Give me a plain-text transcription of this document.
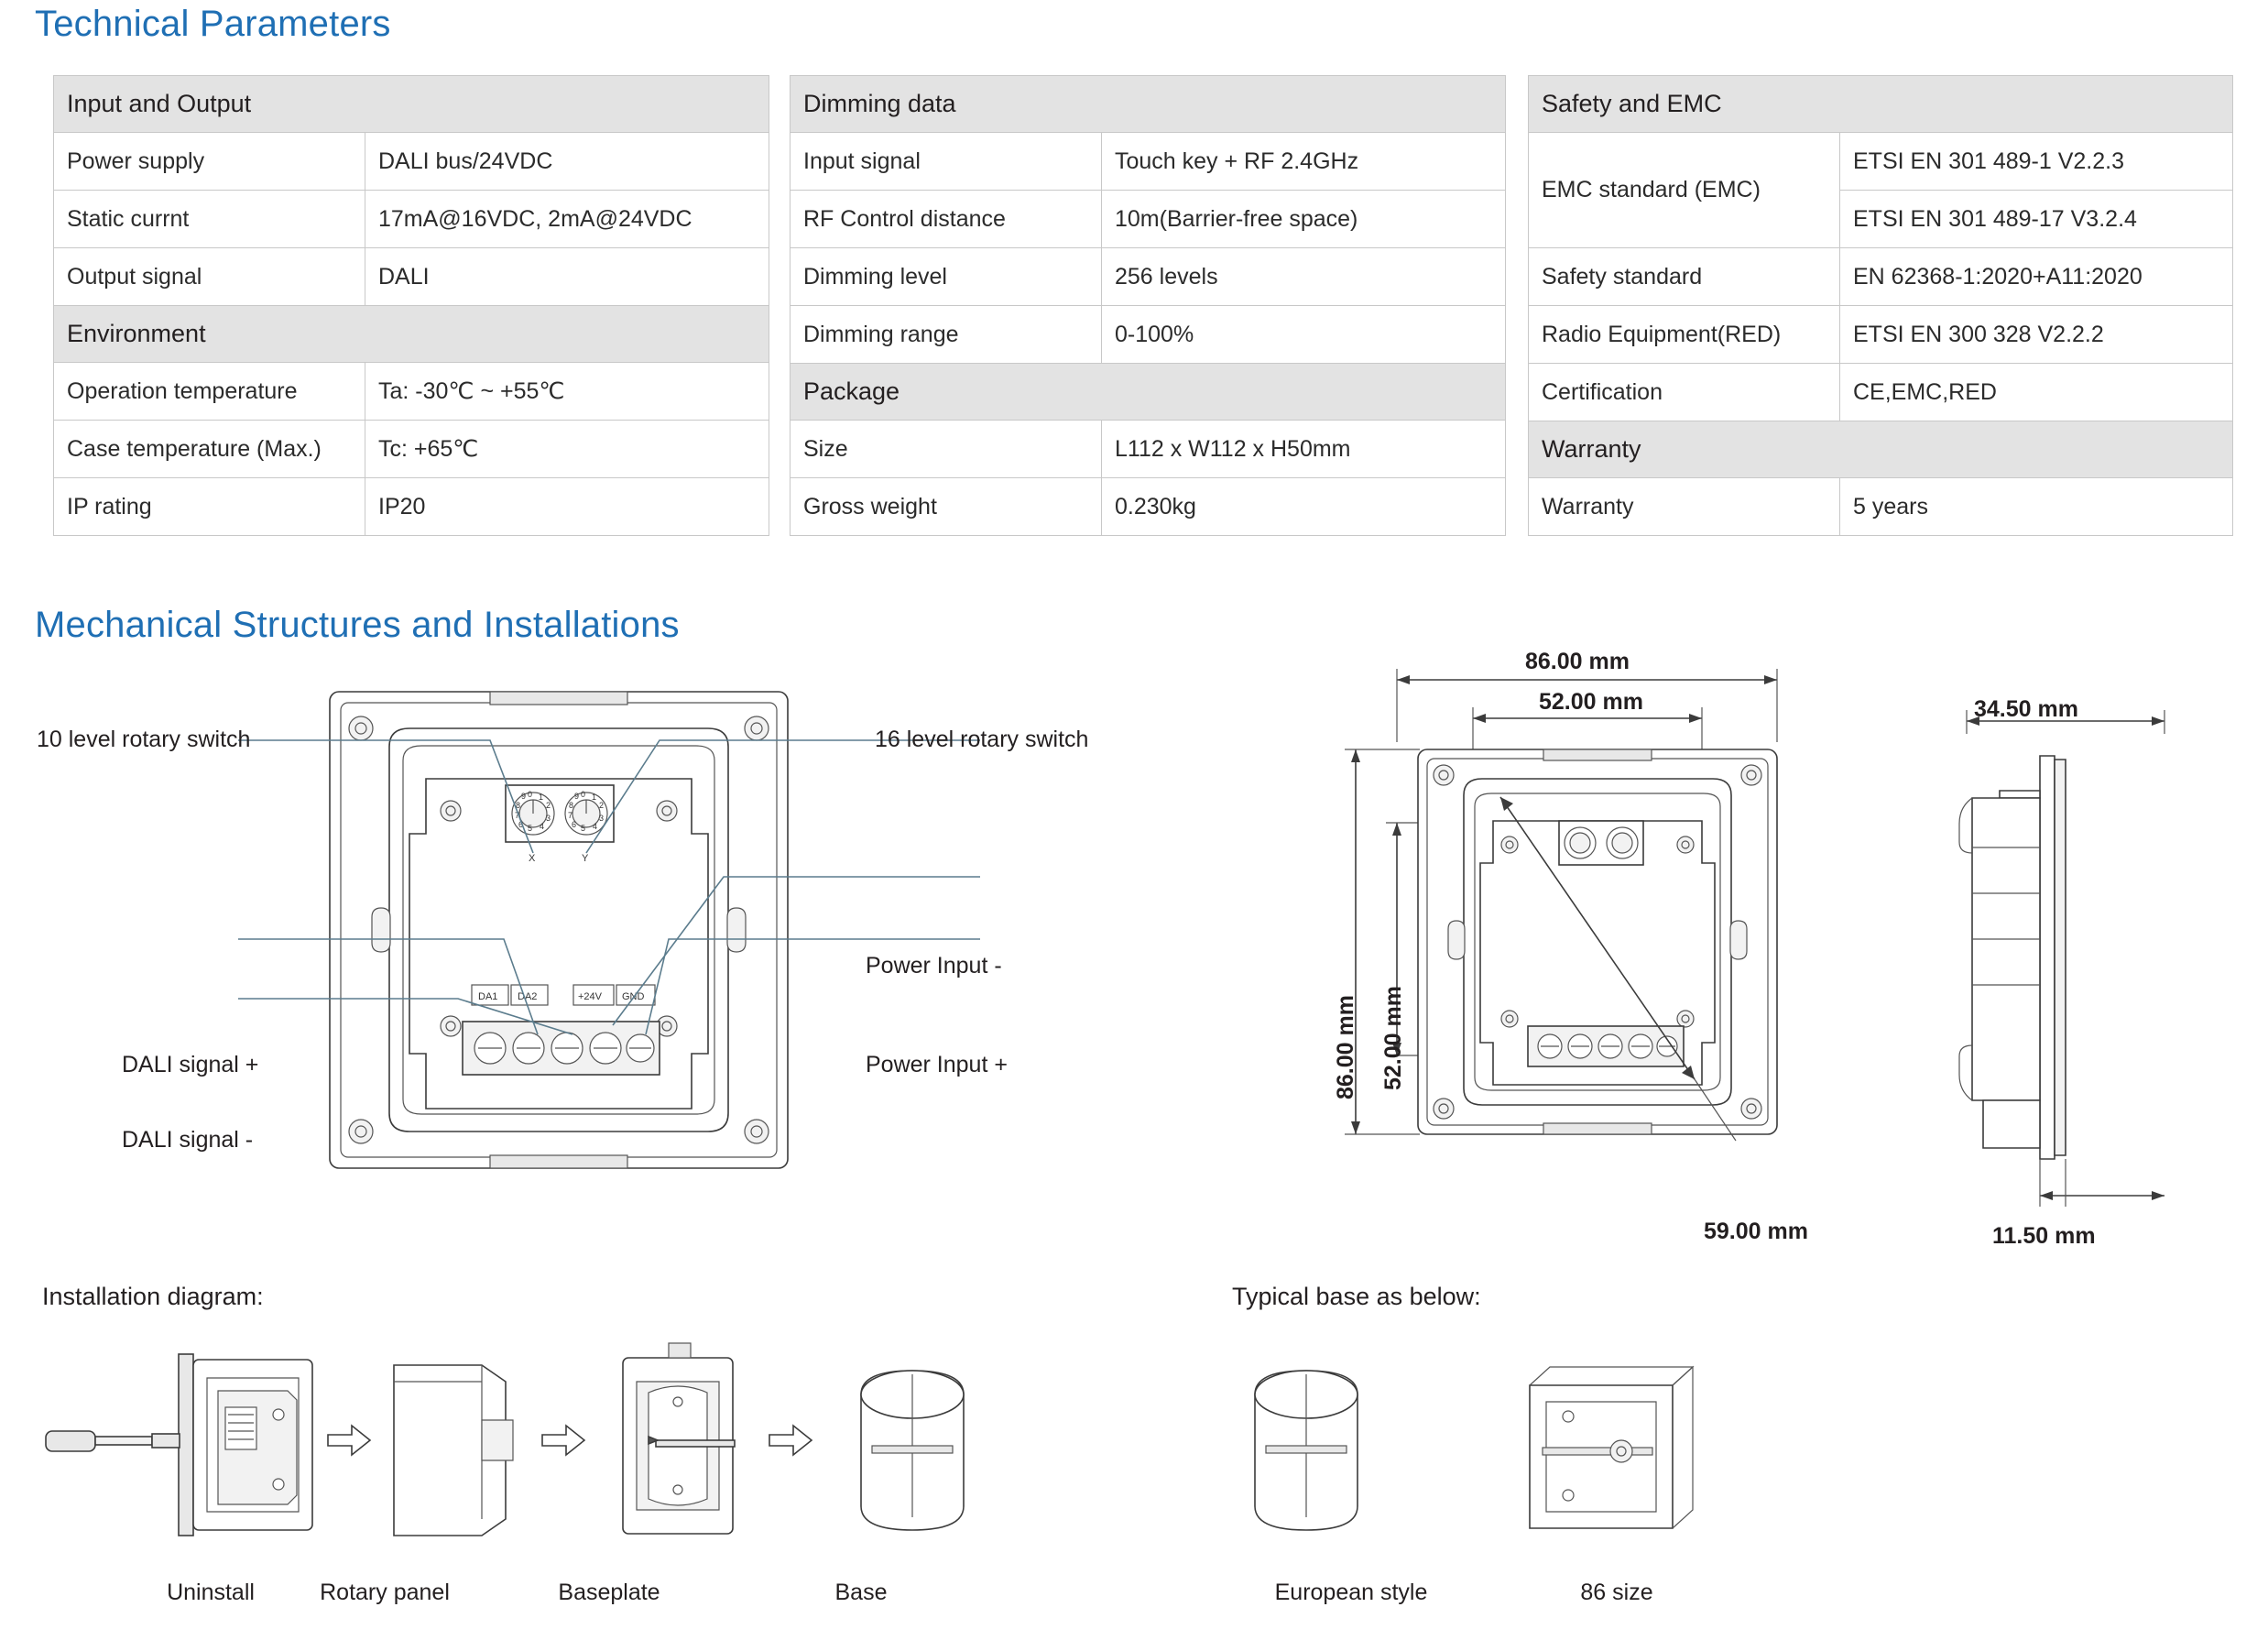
Technical Parameters
Input and Output	
Power supply	DALI bus/24VDC
Static currnt	17mA@16VDC, 2mA@24VDC
Output signal	DALI
Environment	
Operation temperature	Ta: -30℃ ~ +55℃
Case temperature (Max.)	Tc: +65℃
IP rating	IP20
Dimming data	
Input signal	Touch key + RF 2.4GHz
RF Control distance	10m(Barrier-free space)
Dimming level	256 levels
Dimming range	0-100%
Package	
Size	L112 x W112 x H50mm
Gross weight	0.230kg
Safety and EMC	
EMC standard (EMC)	ETSI EN 301 489-1 V2.2.3
	ETSI EN 301 489-17 V3.2.4
Safety standard	EN 62368-1:2020+A11:2020
Radio Equipment(RED)	ETSI EN 300 328 V2.2.2
Certification	CE,EMC,RED
Warranty	
Warranty	5 years
Mechanical Structures and Installations
0 1
2
3
4
5
6
7
8
9	0 1
2
3
4
5
6
7
8
9
X	Y
DA1 DA2	+24V GND
10 level rotary switch	16 level rotary switch
Power Input -
Power Input +
DALI signal +
DALI signal -
86.00 mm
52.00 mm
86.00 mm 52.00 mm
59.00 mm
34.50 mm
11.50 mm
Installation diagram:
Uninstall	Rotary panel	Baseplate	Base
Typical base as below:
European style	86 size
